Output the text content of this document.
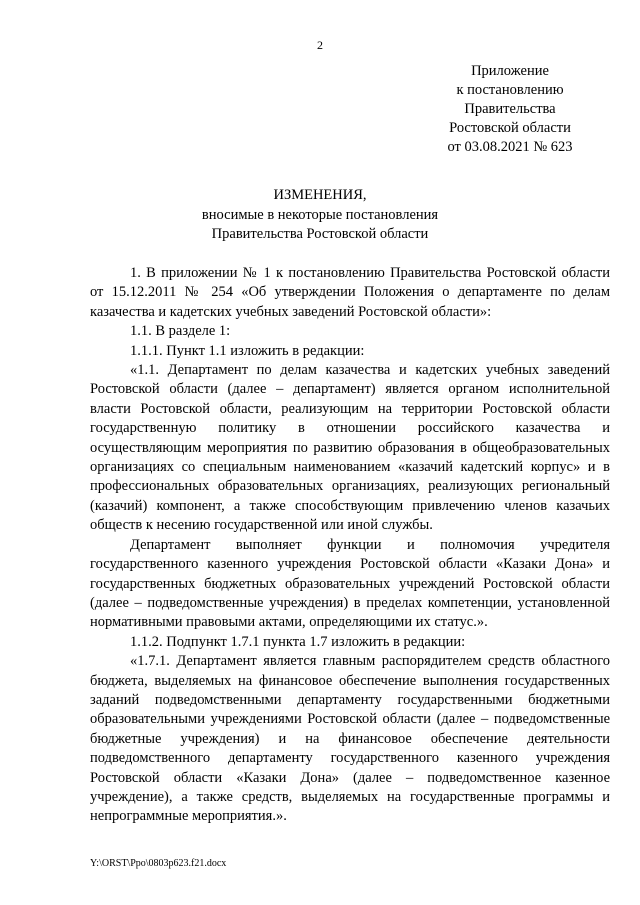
2
Приложение
к постановлению
Правительства
Ростовской области
от 03.08.2021 № 623
ИЗМЕНЕНИЯ,
вносимые в некоторые постановления
Правительства Ростовской области

1. В приложении № 1 к постановлению Правительства Ростовской области от 15.12.2011 № 254 «Об утверждении Положения о департаменте по делам казачества и кадетских учебных заведений Ростовской области»:

1.1. В разделе 1:

1.1.1. Пункт 1.1 изложить в редакции:

«1.1. Департамент по делам казачества и кадетских учебных заведений Ростовской области (далее – департамент) является органом исполнительной власти Ростовской области, реализующим на территории Ростовской области государственную политику в отношении российского казачества и осуществляющим мероприятия по развитию образования в общеобразовательных организациях со специальным наименованием «казачий кадетский корпус» и в профессиональных образовательных организациях, реализующих региональный (казачий) компонент, а также способствующим привлечению членов казачьих обществ к несению государственной или иной службы.

Департамент выполняет функции и полномочия учредителя государственного казенного учреждения Ростовской области «Казаки Дона» и государственных бюджетных образовательных учреждений Ростовской области (далее – подведомственные учреждения) в пределах компетенции, установленной нормативными правовыми актами, определяющими их статус.».

1.1.2. Подпункт 1.7.1 пункта 1.7 изложить в редакции:

«1.7.1. Департамент является главным распорядителем средств областного бюджета, выделяемых на финансовое обеспечение выполнения государственных заданий подведомственными департаменту государственными бюджетными образовательными учреждениями Ростовской области (далее – подведомственные бюджетные учреждения) и на финансовое обеспечение деятельности подведомственного департаменту государственного казенного учреждения Ростовской области «Казаки Дона» (далее – подведомственное казенное учреждение), а также средств, выделяемых на государственные программы и непрограммные мероприятия.».

Y:\ORST\Ppo\0803p623.f21.docx
